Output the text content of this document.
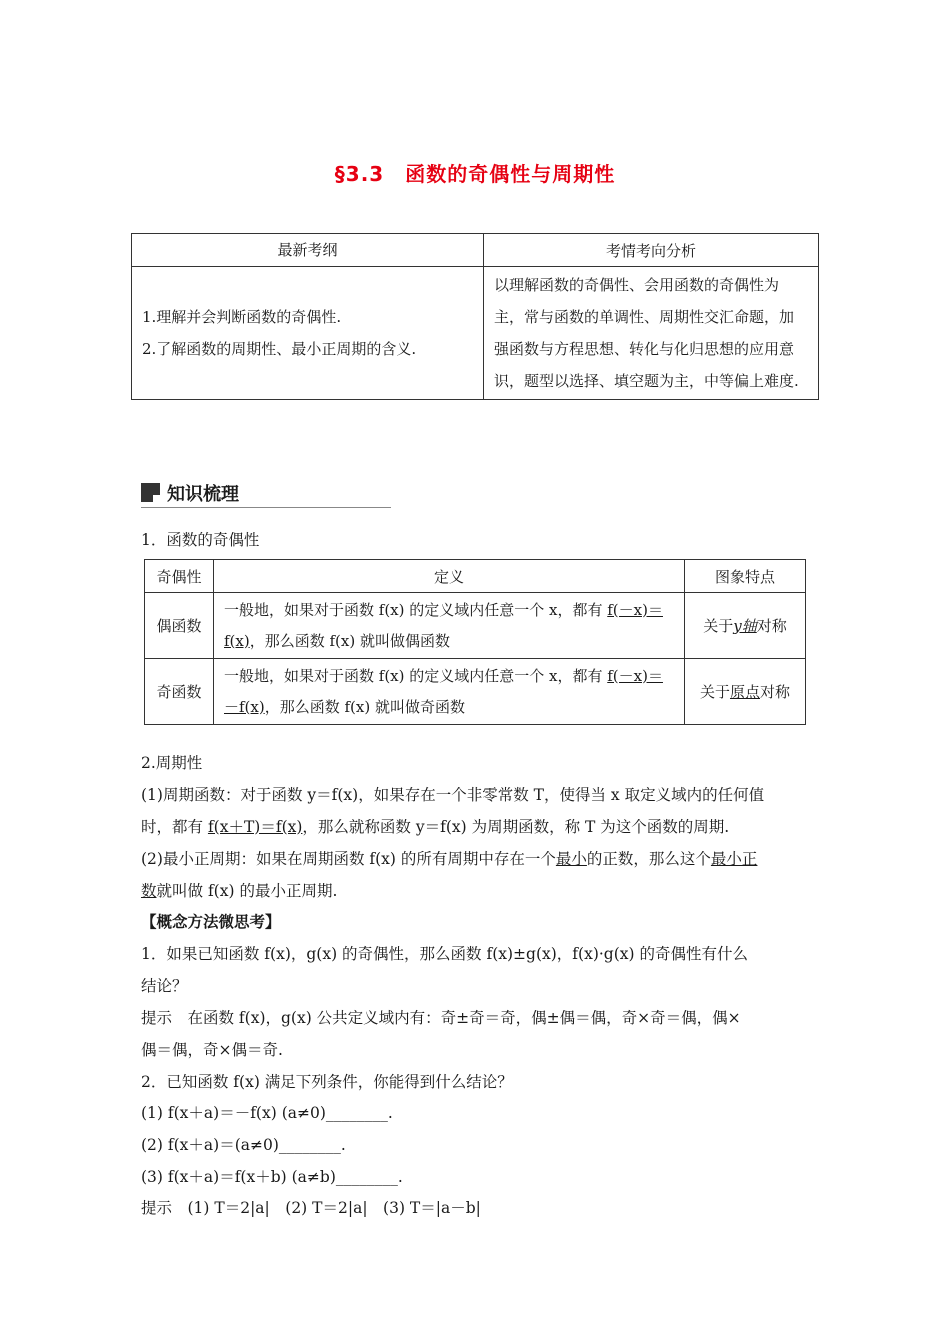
§3.3　函数的奇偶性与周期性
最新考纲	考情考向分析

1.理解并会判断函数的奇偶性.
2.了解函数的周期性、最小正周期的含义.	以理解函数的奇偶性、会用函数的奇偶性为主，常与函数的单调性、周期性交汇命题，加强函数与方程思想、转化与化归思想的应用意识，题型以选择、填空题为主，中等偏上难度.
知识梳理
1．函数的奇偶性
奇偶性	定义	图象特点
偶函数	一般地，如果对于函数 f(x) 的定义域内任意一个 x，都有 f(－x)＝f(x)，那么函数 f(x) 就叫做偶函数	关于y轴对称
奇函数	一般地，如果对于函数 f(x) 的定义域内任意一个 x，都有 f(－x)＝－f(x)，那么函数 f(x) 就叫做奇函数	关于原点对称
2.周期性
(1)周期函数：对于函数 y＝f(x)，如果存在一个非零常数 T，使得当 x 取定义域内的任何值
时，都有 f(x＋T)＝f(x)，那么就称函数 y＝f(x) 为周期函数，称 T 为这个函数的周期.
(2)最小正周期：如果在周期函数 f(x) 的所有周期中存在一个最小的正数，那么这个最小正
数就叫做 f(x) 的最小正周期.
【概念方法微思考】
1．如果已知函数 f(x)，g(x) 的奇偶性，那么函数 f(x)±g(x)，f(x)·g(x) 的奇偶性有什么
结论？
提示　在函数 f(x)，g(x) 公共定义域内有：奇±奇＝奇，偶±偶＝偶，奇×奇＝偶，偶×
偶＝偶，奇×偶＝奇.
2．已知函数 f(x) 满足下列条件，你能得到什么结论？
(1) f(x＋a)＝－f(x) (a≠0)________.
(2) f(x＋a)＝(a≠0)________.
(3) f(x＋a)＝f(x＋b) (a≠b)________.
提示　(1) T＝2|a|　(2) T＝2|a|　(3) T＝|a－b|
